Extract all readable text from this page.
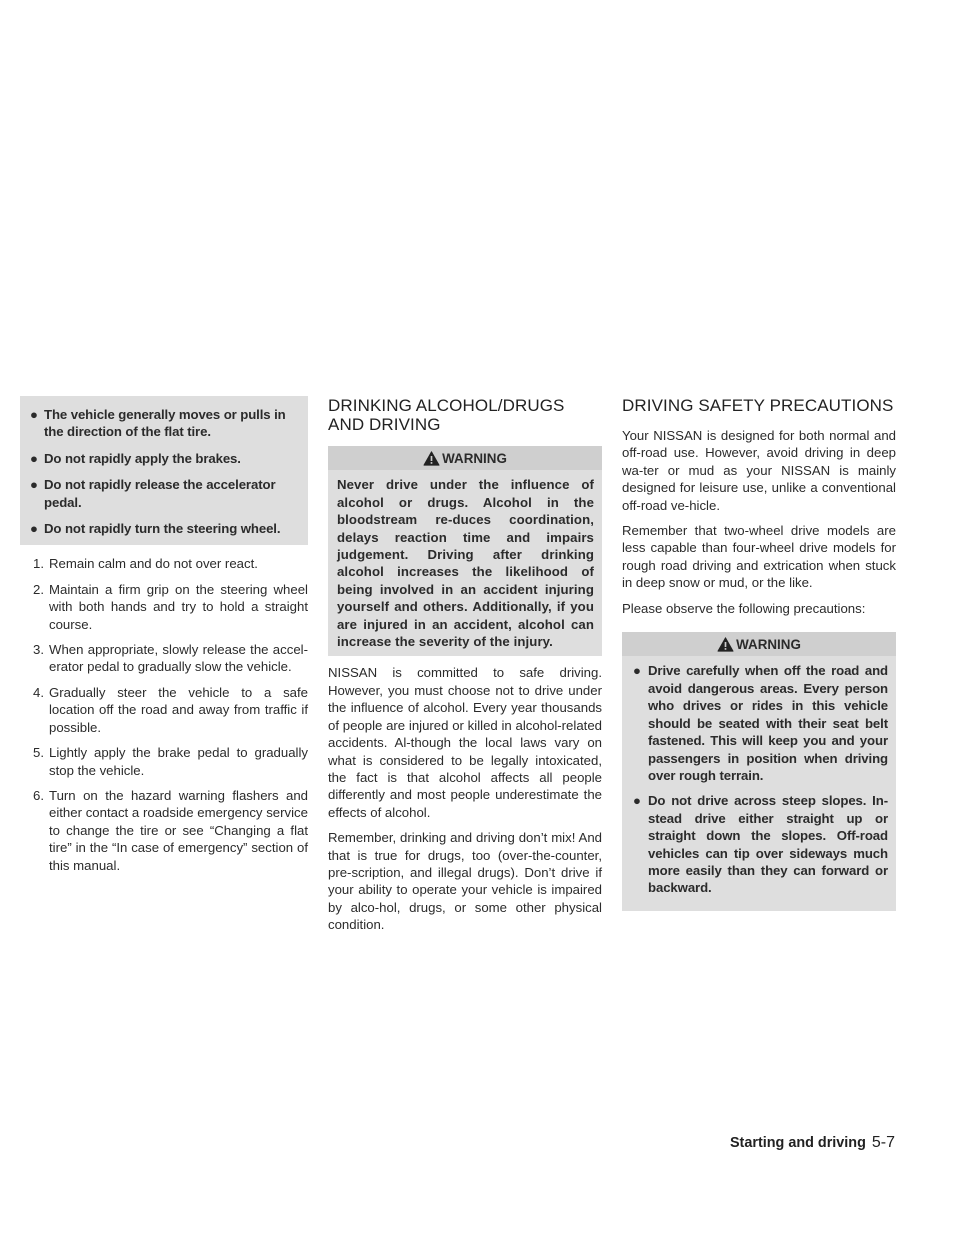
● The vehicle generally moves or pulls in the direction of the flat tire.
● Do not rapidly apply the brakes.
● Do not rapidly release the accelerator pedal.
● Do not rapidly turn the steering wheel.
1. Remain calm and do not over react.
2. Maintain a firm grip on the steering wheel with both hands and try to hold a straight course.
3. When appropriate, slowly release the accel-erator pedal to gradually slow the vehicle.
4. Gradually steer the vehicle to a safe location off the road and away from traffic if possible.
5. Lightly apply the brake pedal to gradually stop the vehicle.
6. Turn on the hazard warning flashers and either contact a roadside emergency service to change the tire or see “Changing a flat tire” in the “In case of emergency” section of this manual.
DRINKING ALCOHOL/DRUGS AND DRIVING
WARNING
Never drive under the influence of alcohol or drugs. Alcohol in the bloodstream re-duces coordination, delays reaction time and impairs judgement. Driving after drinking alcohol increases the likelihood of being involved in an accident injuring yourself and others. Additionally, if you are injured in an accident, alcohol can increase the severity of the injury.

NISSAN is committed to safe driving. However, you must choose not to drive under the influence of alcohol. Every year thousands of people are injured or killed in alcohol-related accidents. Al-though the local laws vary on what is considered to be legally intoxicated, the fact is that alcohol affects all people differently and most people underestimate the effects of alcohol.

Remember, drinking and driving don’t mix! And that is true for drugs, too (over-the-counter, pre-scription, and illegal drugs). Don’t drive if your ability to operate your vehicle is impaired by alco-hol, drugs, or some other physical condition.

DRIVING SAFETY PRECAUTIONS

Your NISSAN is designed for both normal and off-road use. However, avoid driving in deep wa-ter or mud as your NISSAN is mainly designed for leisure use, unlike a conventional off-road ve-hicle.

Remember that two-wheel drive models are less capable than four-wheel drive models for rough road driving and extrication when stuck in deep snow or mud, or the like.

Please observe the following precautions:

WARNING
● Drive carefully when off the road and avoid dangerous areas. Every person who drives or rides in this vehicle should be seated with their seat belt fastened. This will keep you and your passengers in position when driving over rough terrain.
● Do not drive across steep slopes. In-stead drive either straight up or straight down the slopes. Off-road vehicles can tip over sideways much more easily than they can forward or backward.
Starting and driving 5-7
